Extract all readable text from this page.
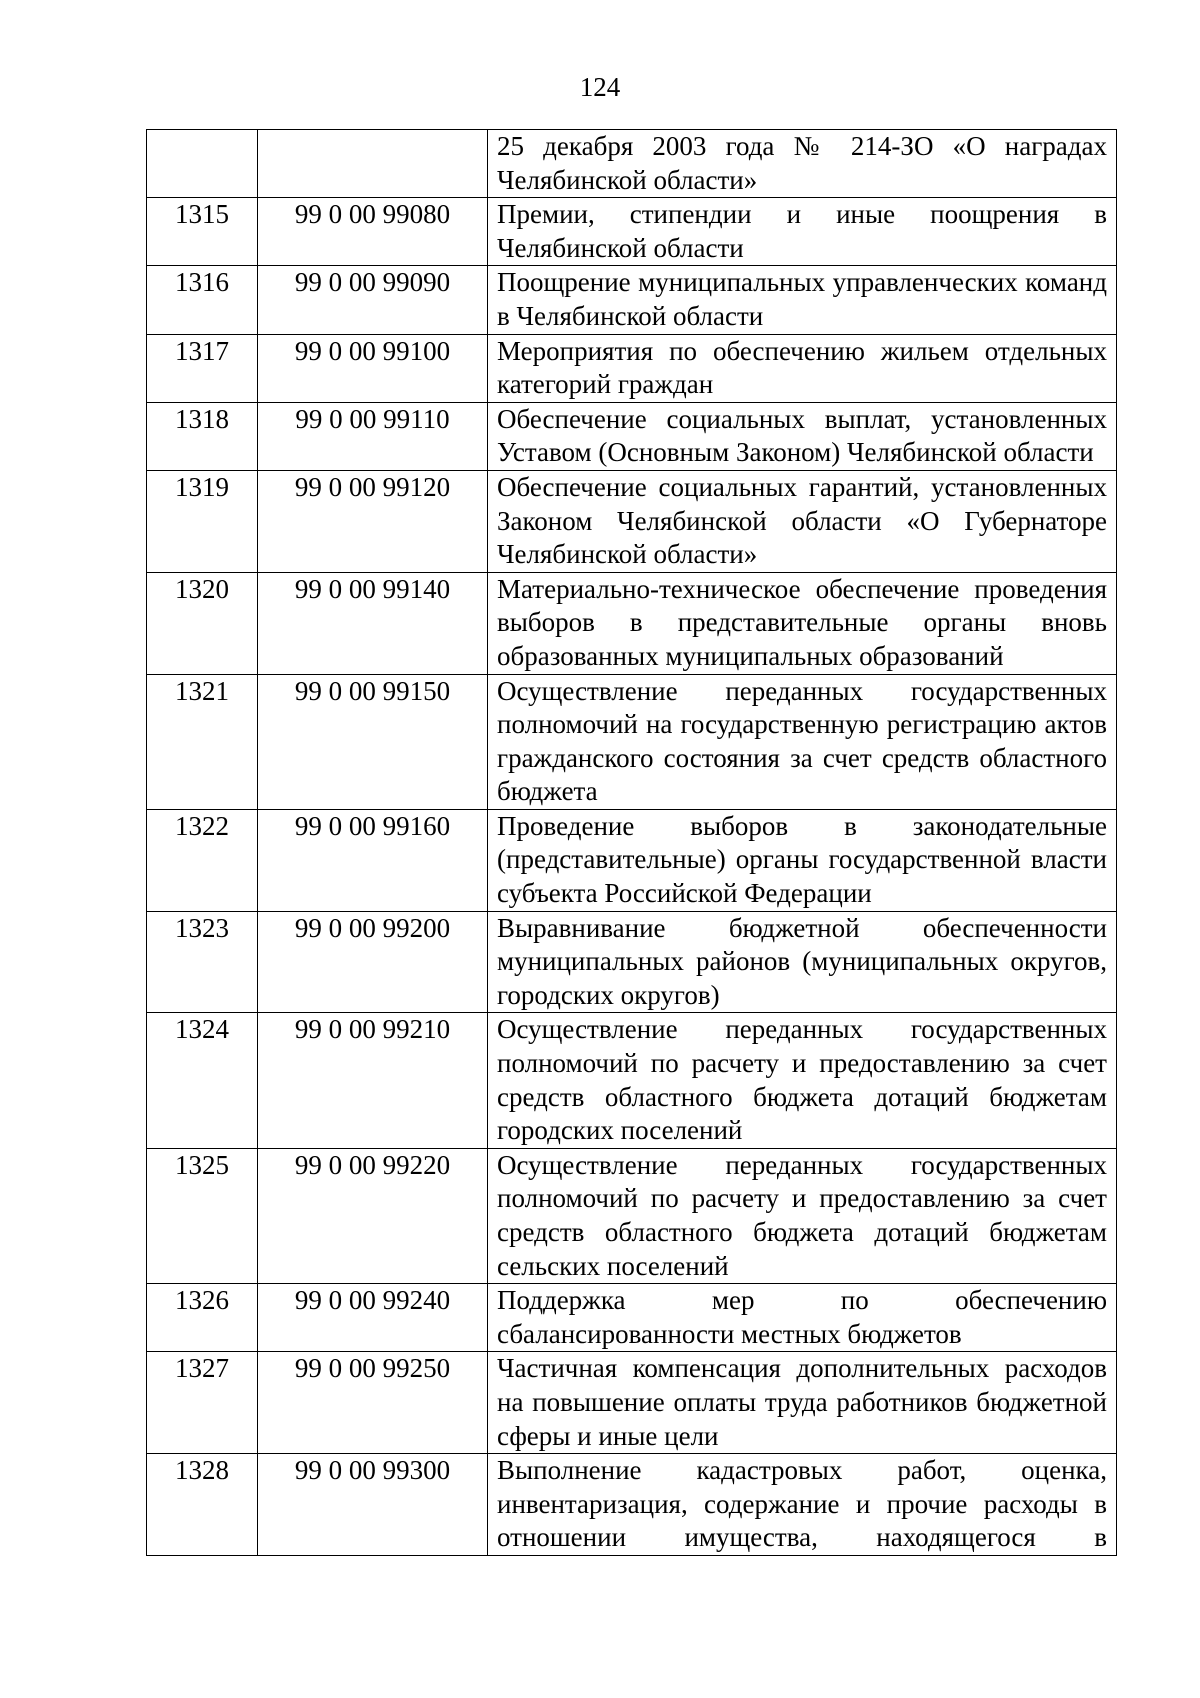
124
		25 декабря 2003 года № 214-ЗО «О наградах Челябинской области»
1315	99 0 00 99080	Премии, стипендии и иные поощрения в Челябинской области
1316	99 0 00 99090	Поощрение муниципальных управленческих команд в Челябинской области
1317	99 0 00 99100	Мероприятия по обеспечению жильем отдельных категорий граждан
1318	99 0 00 99110	Обеспечение социальных выплат, установленных Уставом (Основным Законом) Челябинской области
1319	99 0 00 99120	Обеспечение социальных гарантий, установленных Законом Челябинской области «О Губернаторе Челябинской области»
1320	99 0 00 99140	Материально-техническое обеспечение проведения выборов в представительные органы вновь образованных муниципальных образований
1321	99 0 00 99150	Осуществление переданных государственных полномочий на государственную регистрацию актов гражданского состояния за счет средств областного бюджета
1322	99 0 00 99160	Проведение выборов в законодательные (представительные) органы государственной власти субъекта Российской Федерации
1323	99 0 00 99200	Выравнивание бюджетной обеспеченности муниципальных районов (муниципальных округов, городских округов)
1324	99 0 00 99210	Осуществление переданных государственных полномочий по расчету и предоставлению за счет средств областного бюджета дотаций бюджетам городских поселений
1325	99 0 00 99220	Осуществление переданных государственных полномочий по расчету и предоставлению за счет средств областного бюджета дотаций бюджетам сельских поселений
1326	99 0 00 99240	Поддержка мер по обеспечению сбалансированности местных бюджетов
1327	99 0 00 99250	Частичная компенсация дополнительных расходов на повышение оплаты труда работников бюджетной сферы и иные цели
1328	99 0 00 99300	Выполнение кадастровых работ, оценка, инвентаризация, содержание и прочие расходы в отношении имущества, находящегося в
